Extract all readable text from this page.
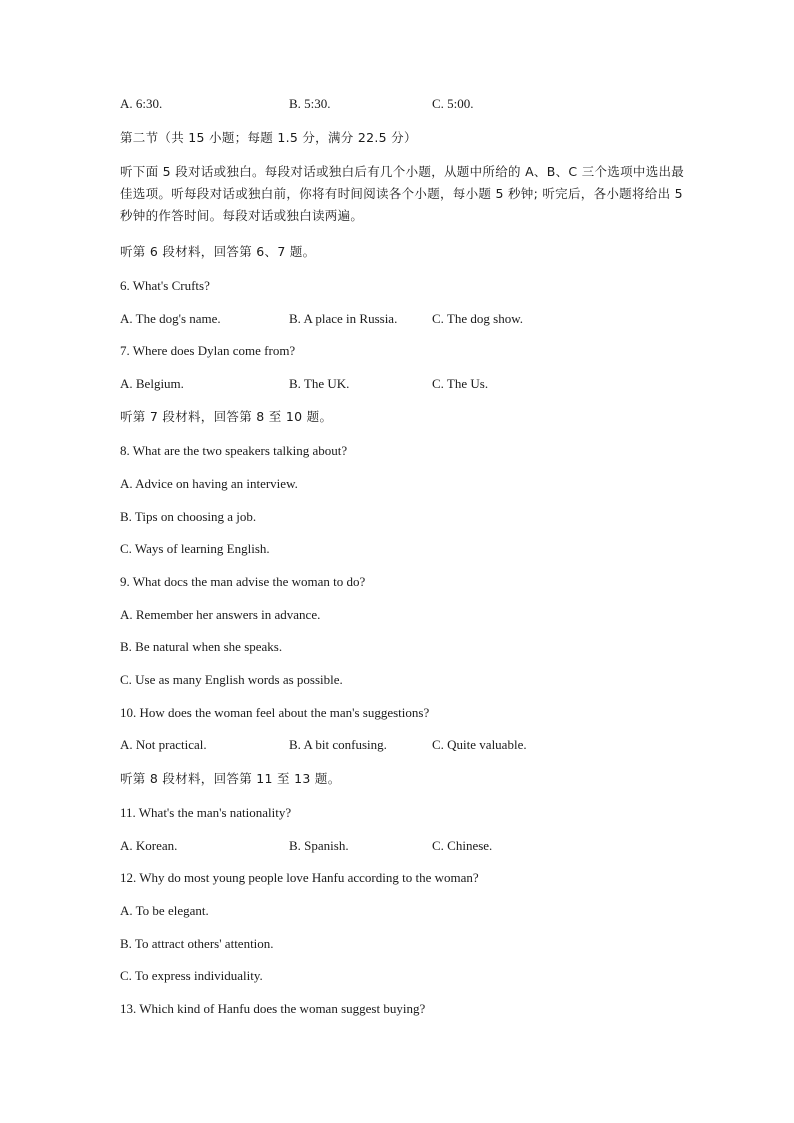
A. 6:30.	B. 5:30.	C. 5:00.
第二节（共 15 小题；每题 1.5 分，满分 22.5 分）
听下面 5 段对话或独白。每段对话或独白后有几个小题，从题中所给的 A、B、C 三个选项中选出最佳选项。听每段对话或独白前，你将有时间阅读各个小题，每小题 5 秒钟; 听完后，各小题将给出 5 秒钟的作答时间。每段对话或独白读两遍。
听第 6 段材料，回答第 6、7 题。
6. What's Crufts?
A. The dog's name.	B. A place in Russia.	C. The dog show.
7. Where does Dylan come from?
A. Belgium.	B. The UK.	C. The Us.
听第 7 段材料，回答第 8 至 10 题。
8. What are the two speakers talking about?
A. Advice on having an interview.
B. Tips on choosing a job.
C. Ways of learning English.
9. What docs the man advise the woman to do?
A. Remember her answers in advance.
B. Be natural when she speaks.
C. Use as many English words as possible.
10. How does the woman feel about the man's suggestions?
A. Not practical.	B. A bit confusing.	C. Quite valuable.
听第 8 段材料，回答第 11 至 13 题。
11. What's the man's nationality?
A. Korean.	B. Spanish.	C. Chinese.
12. Why do most young people love Hanfu according to the woman?
A. To be elegant.
B. To attract others' attention.
C. To express individuality.
13. Which kind of Hanfu does the woman suggest buying?
